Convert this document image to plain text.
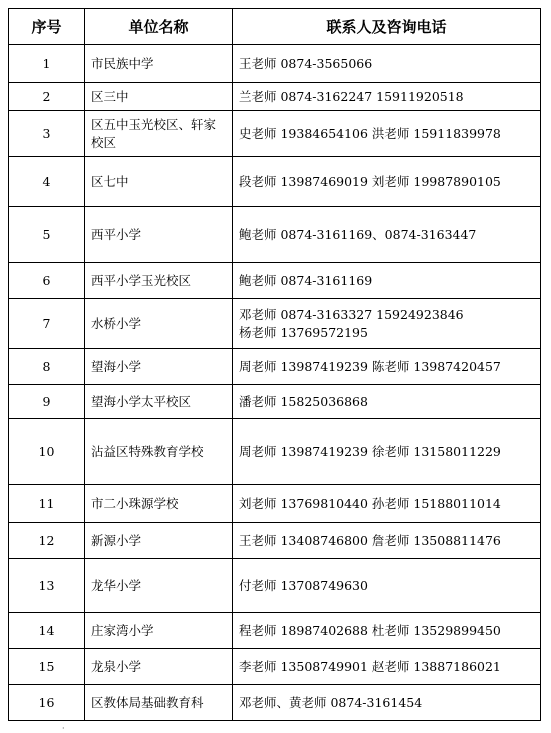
序号	单位名称	联系人及咨询电话
1	市民族中学	王老师 0874-3565066

2	区三中	兰老师 0874-3162247 15911920518

3	区五中玉光校区、轩家校区	史老师 19384654106 洪老师 15911839978

4	区七中	段老师 13987469019 刘老师 19987890105

5	西平小学	鲍老师 0874-3161169、0874-3163447

6	西平小学玉光校区	鲍老师 0874-3161169

7	水桥小学	邓老师 0874-3163327 15924923846
杨老师 13769572195

8	望海小学	周老师 13987419239 陈老师 13987420457

9	望海小学太平校区	潘老师 15825036868

10	沾益区特殊教育学校	周老师 13987419239 徐老师 13158011229

11	市二小珠源学校	刘老师 13769810440 孙老师 15188011014

12	新源小学	王老师 13408746800 詹老师 13508811476

13	龙华小学	付老师 13708749630

14	庄家湾小学	程老师 18987402688 杜老师 13529899450

15	龙泉小学	李老师 13508749901 赵老师 13887186021

16	区教体局基础教育科	邓老师、黄老师 0874-3161454
·
